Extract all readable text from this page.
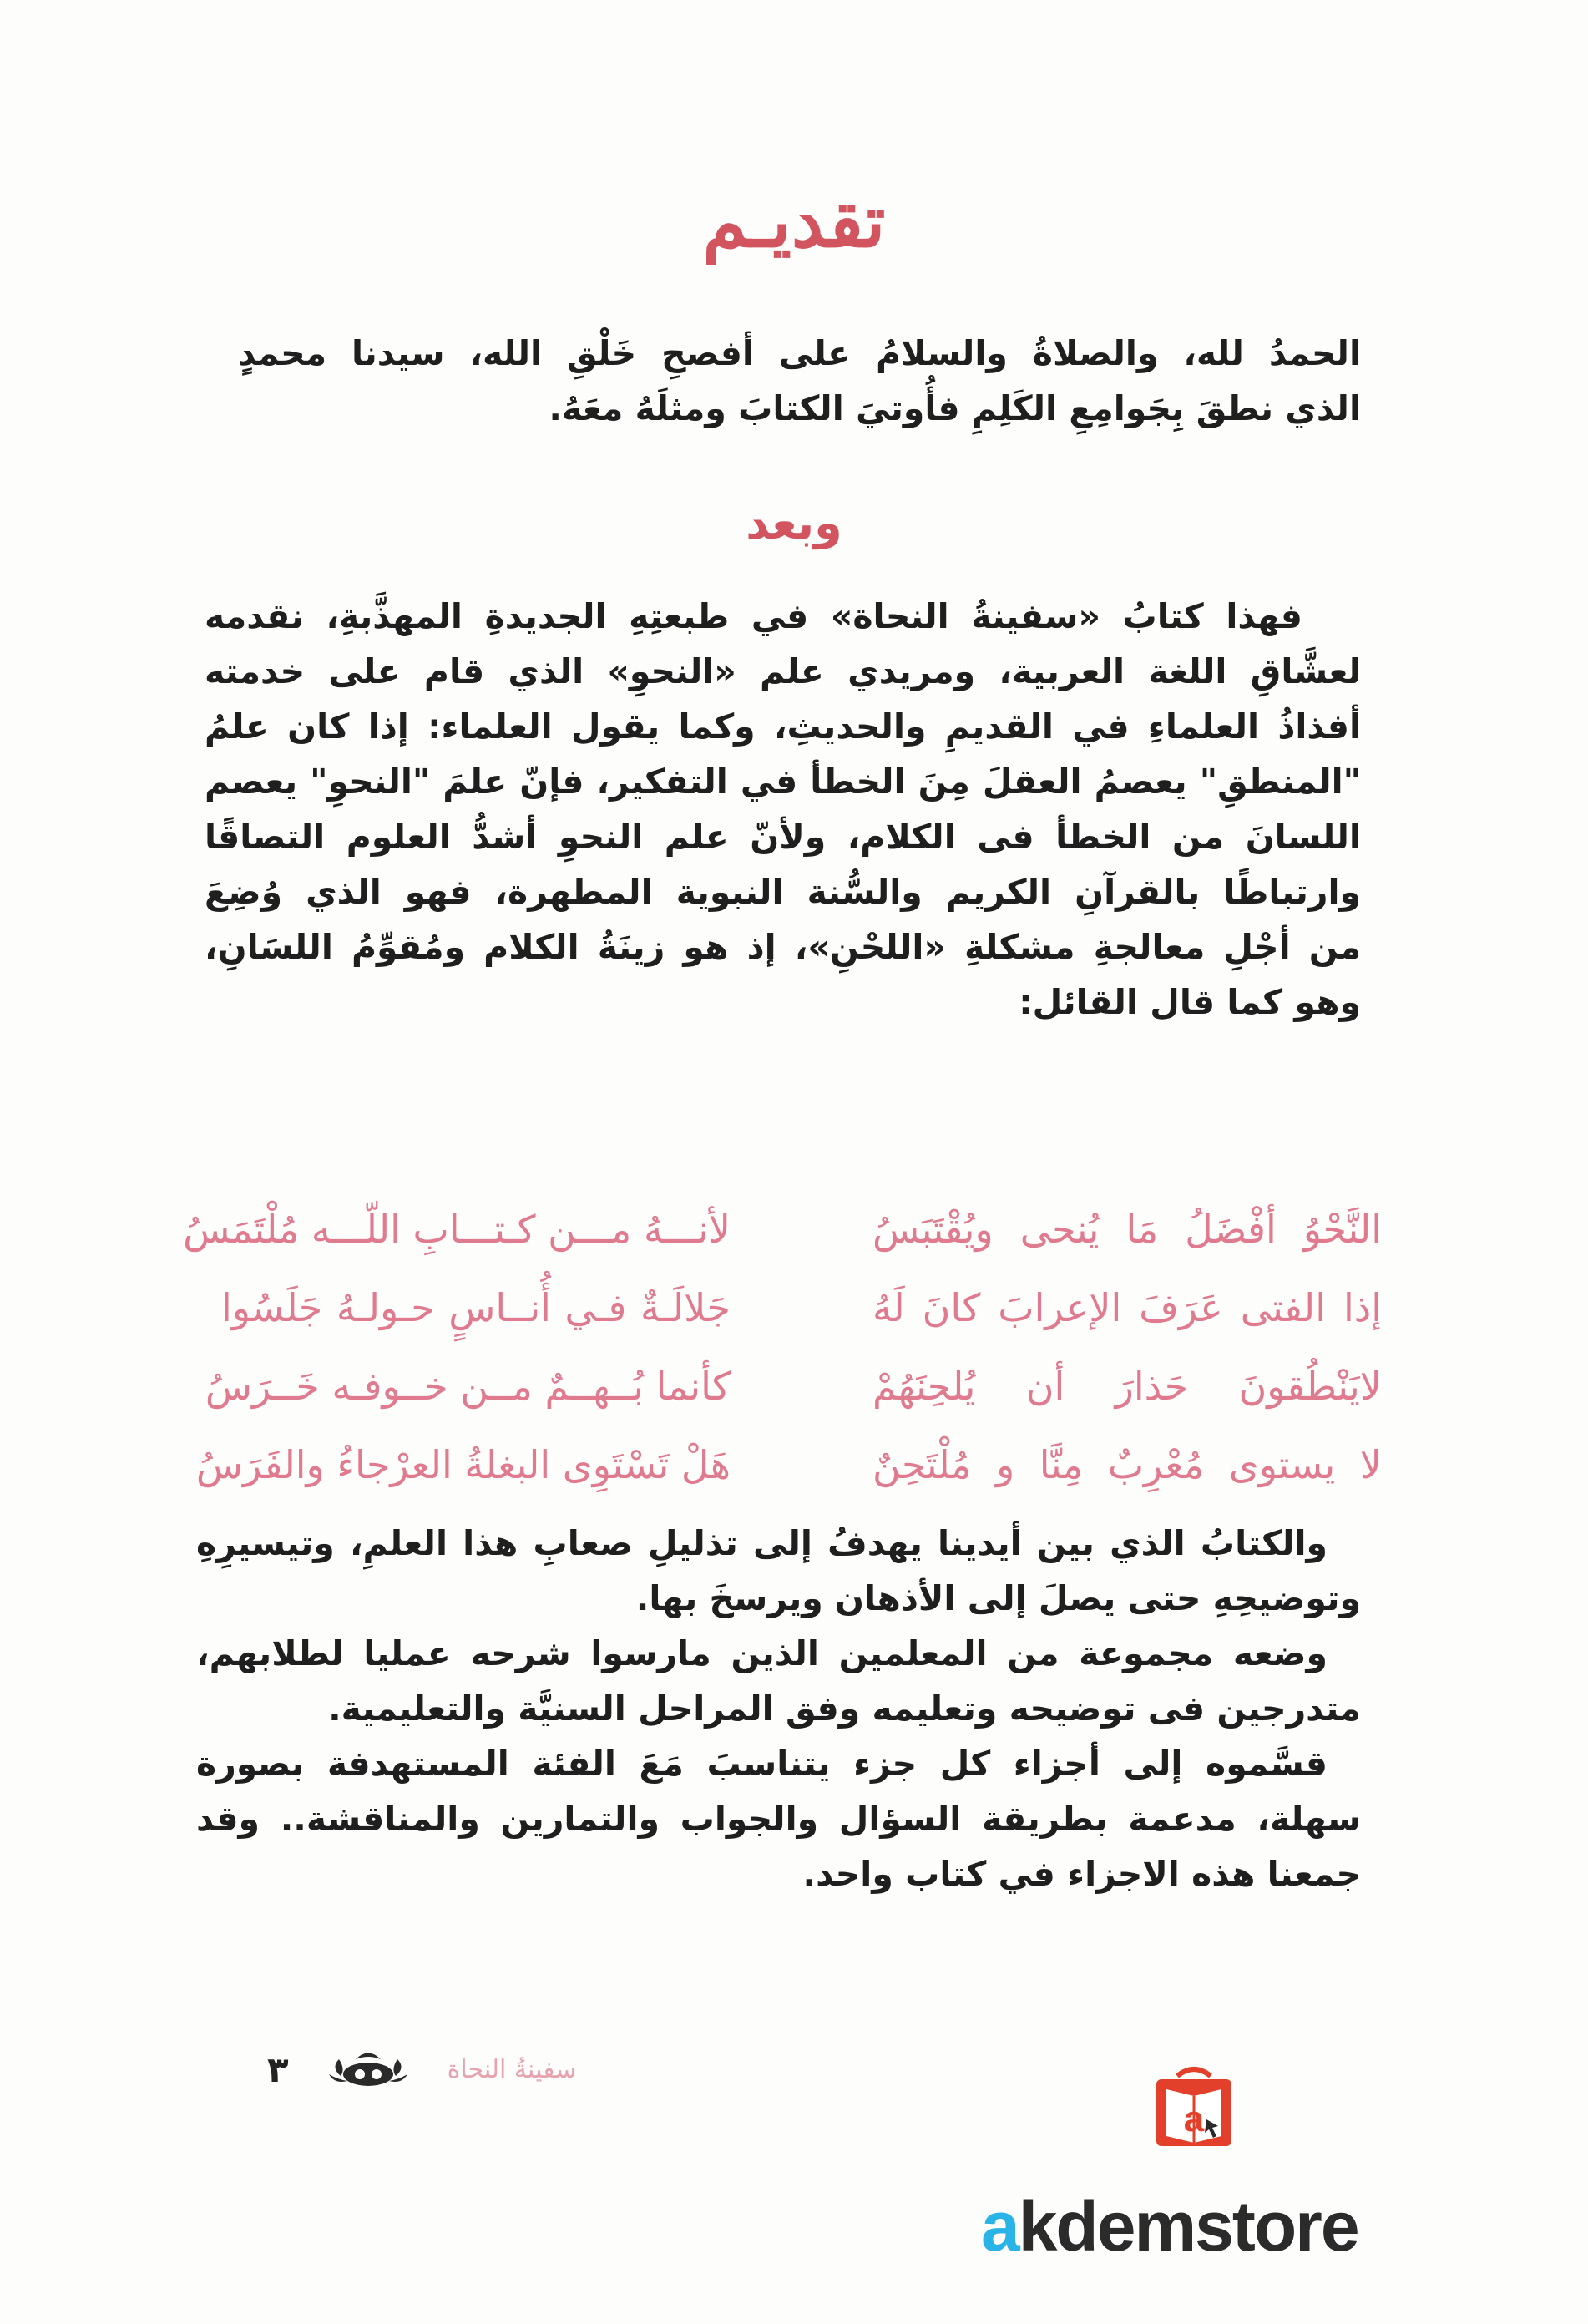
تقديـم
الحمدُ لله، والصلاةُ والسلامُ على أفصحِ خَلْقِ الله، سيدنا محمدٍ
الذي نطقَ بِجَوامِعِ الكَلِمِ فأُوتيَ الكتابَ ومثلَهُ معَهُ.
وبعد
فهذا كتابُ «سفينةُ النحاة» في طبعتِهِ الجديدةِ المهذَّبةِ، نقدمه
لعشَّاقِ اللغة العربية، ومريدي علم «النحوِ» الذي قام على خدمته
أفذاذُ العلماءِ في القديمِ والحديثِ، وكما يقول العلماء: إذا كان علمُ
"المنطقِ" يعصمُ العقلَ مِنَ الخطأ في التفكير، فإنّ علمَ "النحوِ" يعصم
اللسانَ من الخطأ فى الكلام، ولأنّ علم النحوِ أشدُّ العلوم التصاقًا
وارتباطًا بالقرآنِ الكريم والسُّنة النبوية المطهرة، فهو الذي وُضِعَ
من أجْلِ معالجةِ مشكلةِ «اللحْنِ»، إذ هو زينَةُ الكلام ومُقوِّمُ اللسَانِ،
وهو كما قال القائل:
النَّحْوُ أفْضَلُ مَا يُنحى ويُقْتَبَسُ
لأنـــهُ مـــن كـتـــابِ اللّـــه مُلْتَمَسُ
إذا الفتى عَرَفَ الإعرابَ كانَ لَهُ
جَلالَـةٌ فـي أُنــاسٍ حـولـهُ جَلَسُوا
لايَنْطُقونَ حَذارَ أن يُلحِنَهُمْ
كأنما بُــهــمٌ مــن خــوفـه خَــرَسُ
لا يستوى مُعْرِبٌ مِنَّا و مُلْتَحِنٌ
هَلْ تَسْتَوِى البغلةُ العرْجاءُ والفَرَسُ
والكتابُ الذي بين أيدينا يهدفُ إلى تذليلِ صعابِ هذا العلمِ، وتيسيرِهِ
وتوضيحِهِ حتى يصلَ إلى الأذهان ويرسخَ بها.
وضعه مجموعة من المعلمين الذين مارسوا شرحه عمليا لطلابهم،
متدرجين فى توضيحه وتعليمه وفق المراحل السنيَّة والتعليمية.
قسَّموه إلى أجزاء كل جزء يتناسبَ مَعَ الفئة المستهدفة بصورة
سهلة، مدعمة بطريقة السؤال والجواب والتمارين والمناقشة.. وقد
جمعنا هذه الاجزاء في كتاب واحد.
٣	سفينةُ النحاة
a
akdemstore
